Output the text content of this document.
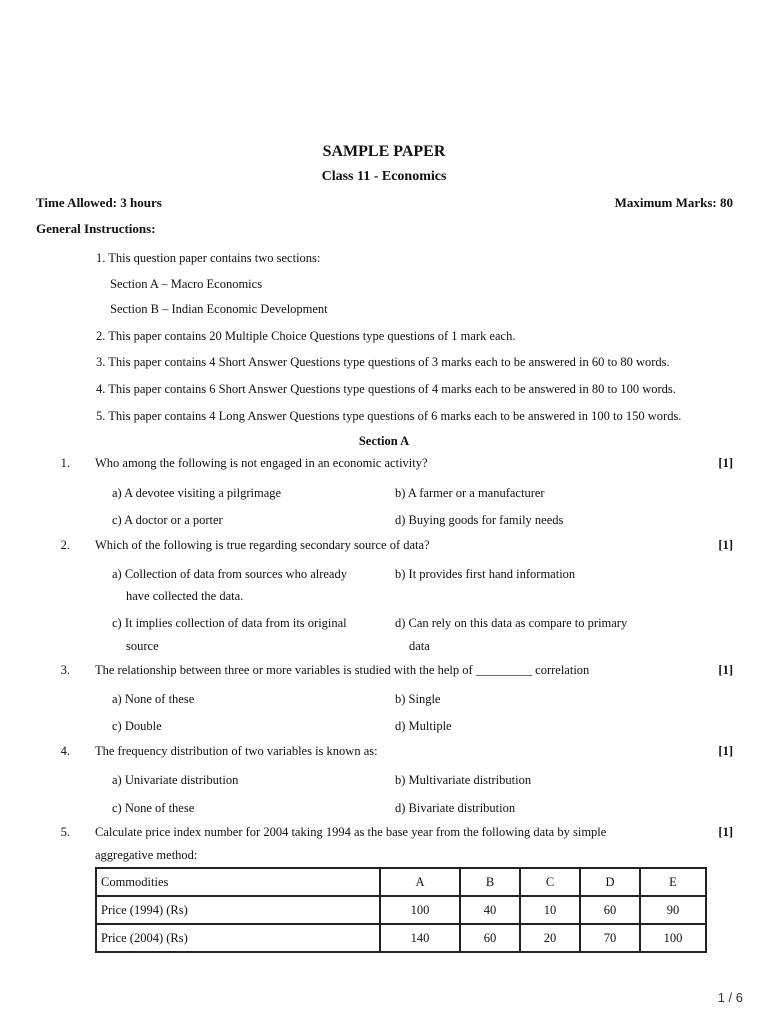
SAMPLE PAPER
Class 11 - Economics
Time Allowed: 3 hours	Maximum Marks: 80
General Instructions:
1. This question paper contains two sections:
Section A – Macro Economics
Section B – Indian Economic Development
2. This paper contains 20 Multiple Choice Questions type questions of 1 mark each.
3. This paper contains 4 Short Answer Questions type questions of 3 marks each to be answered in 60 to 80 words.
4. This paper contains 6 Short Answer Questions type questions of 4 marks each to be answered in 80 to 100 words.
5. This paper contains 4 Long Answer Questions type questions of 6 marks each to be answered in 100 to 150 words.
Section A
1. Who among the following is not engaged in an economic activity?	[1]
a) A devotee visiting a pilgrimage	b) A farmer or a manufacturer
c) A doctor or a porter	d) Buying goods for family needs
2. Which of the following is true regarding secondary source of data?	[1]
a) Collection of data from sources who already
have collected the data.
b) It provides first hand information
c) It implies collection of data from its original
source
d) Can rely on this data as compare to primary
data
3. The relationship between three or more variables is studied with the help of _________ correlation	[1]
a) None of these	b) Single
c) Double	d) Multiple
4. The frequency distribution of two variables is known as:	[1]
a) Univariate distribution	b) Multivariate distribution
c) None of these	d) Bivariate distribution
5. Calculate price index number for 2004 taking 1994 as the base year from the following data by simple
aggregative method:
[1]
Commodities	A	B	C	D	E
Price (1994) (Rs)	100	40	10	60	90
Price (2004) (Rs)	140	60	20	70	100
1 / 6
